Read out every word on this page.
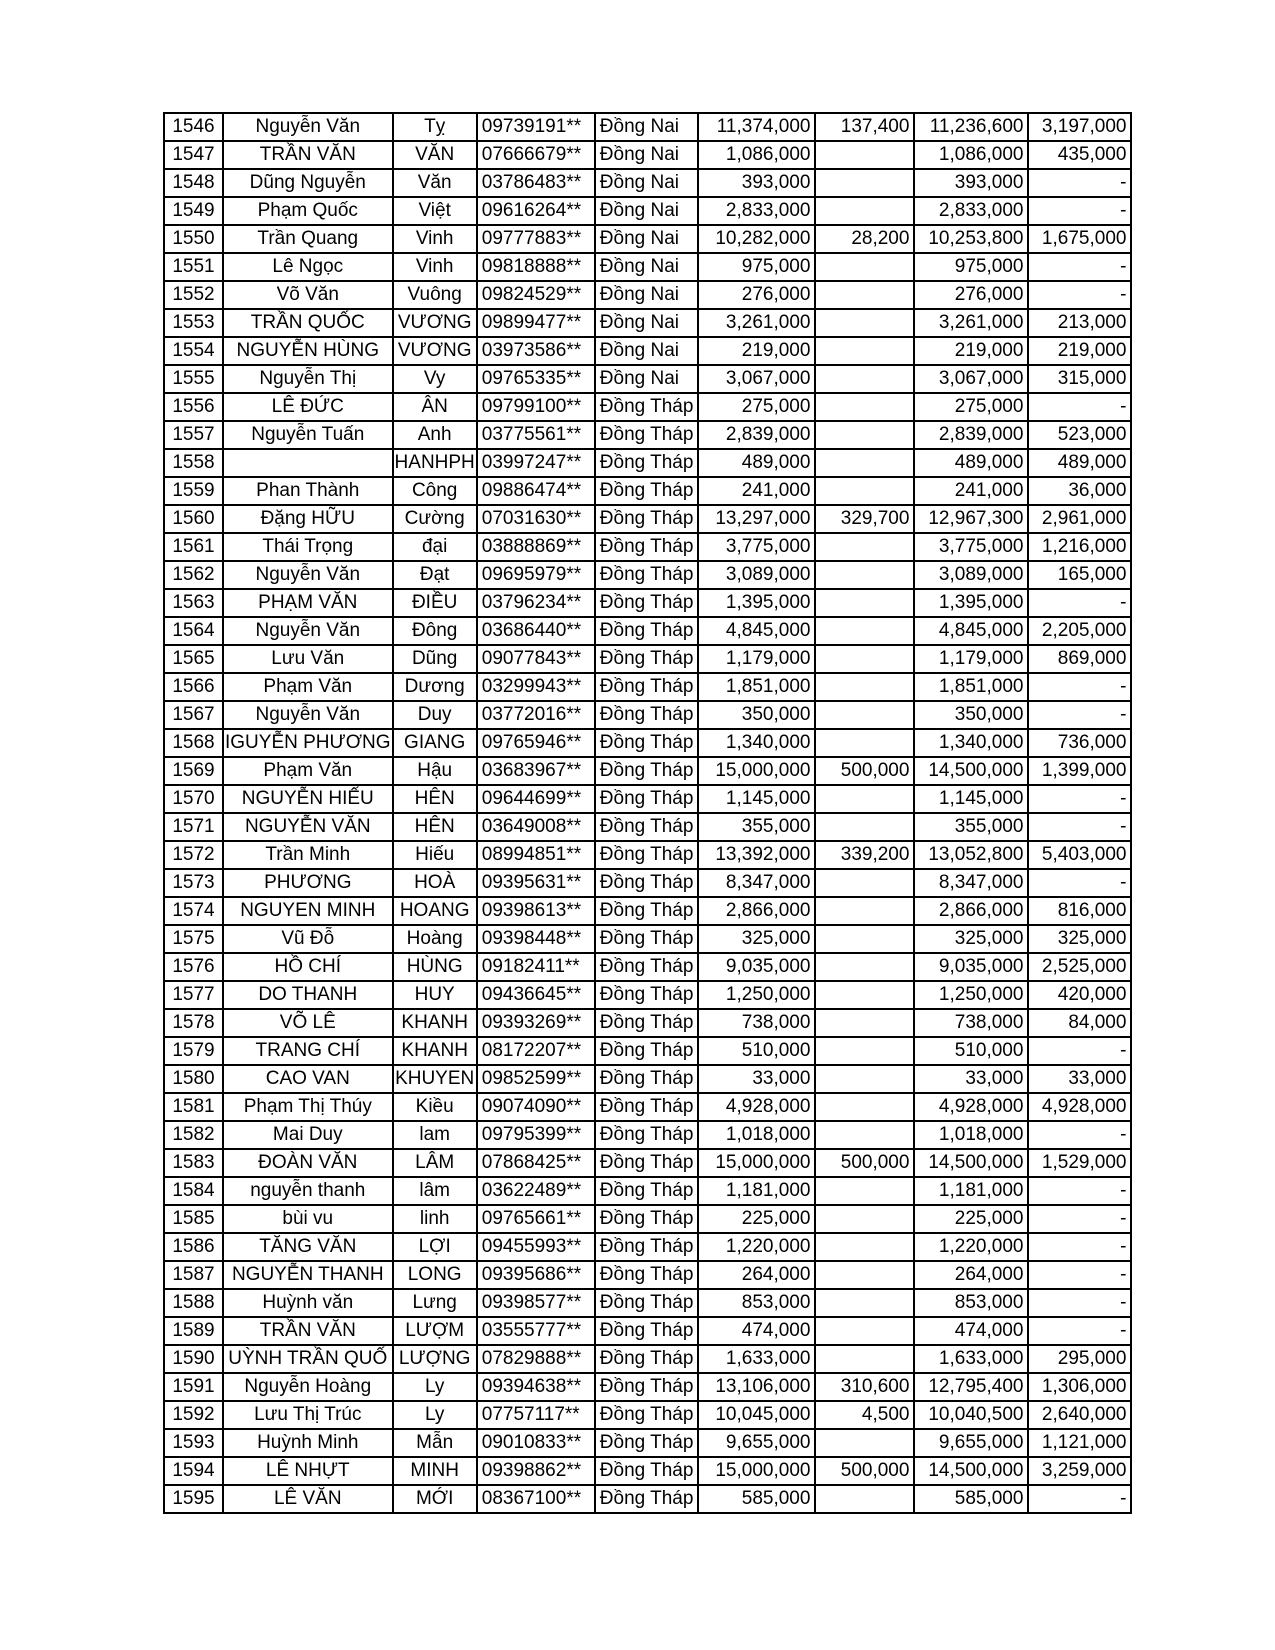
1546	Nguyễn Văn	Tỵ	09739191**	Đồng Nai	11,374,000	137,400	11,236,600	3,197,000
1547	TRẦN VĂN	VĂN	07666679**	Đồng Nai	1,086,000		1,086,000	435,000
1548	Dũng Nguyễn	Văn	03786483**	Đồng Nai	393,000		393,000	-
1549	Phạm Quốc	Việt	09616264**	Đồng Nai	2,833,000		2,833,000	-
1550	Trần Quang	Vinh	09777883**	Đồng Nai	10,282,000	28,200	10,253,800	1,675,000
1551	Lê Ngọc	Vinh	09818888**	Đồng Nai	975,000		975,000	-
1552	Võ Văn	Vuông	09824529**	Đồng Nai	276,000		276,000	-
1553	TRẦN QUỐC	VƯƠNG	09899477**	Đồng Nai	3,261,000		3,261,000	213,000
1554	NGUYỄN HÙNG	VƯƠNG	03973586**	Đồng Nai	219,000		219,000	219,000
1555	Nguyễn Thị	Vy	09765335**	Đồng Nai	3,067,000		3,067,000	315,000
1556	LÊ ĐỨC	ÂN	09799100**	Đồng Tháp	275,000		275,000	-
1557	Nguyễn Tuấn	Anh	03775561**	Đồng Tháp	2,839,000		2,839,000	523,000
1558		HANHPH	03997247**	Đồng Tháp	489,000		489,000	489,000
1559	Phan Thành	Công	09886474**	Đồng Tháp	241,000		241,000	36,000
1560	Đặng HỮU	Cường	07031630**	Đồng Tháp	13,297,000	329,700	12,967,300	2,961,000
1561	Thái Trọng	đại	03888869**	Đồng Tháp	3,775,000		3,775,000	1,216,000
1562	Nguyễn Văn	Đạt	09695979**	Đồng Tháp	3,089,000		3,089,000	165,000
1563	PHẠM VĂN	ĐIỀU	03796234**	Đồng Tháp	1,395,000		1,395,000	-
1564	Nguyễn Văn	Đông	03686440**	Đồng Tháp	4,845,000		4,845,000	2,205,000
1565	Lưu Văn	Dũng	09077843**	Đồng Tháp	1,179,000		1,179,000	869,000
1566	Phạm Văn	Dương	03299943**	Đồng Tháp	1,851,000		1,851,000	-
1567	Nguyễn Văn	Duy	03772016**	Đồng Tháp	350,000		350,000	-
1568	IGUYỄN PHƯƠNG	GIANG	09765946**	Đồng Tháp	1,340,000		1,340,000	736,000
1569	Phạm Văn	Hậu	03683967**	Đồng Tháp	15,000,000	500,000	14,500,000	1,399,000
1570	NGUYỄN HIẾU	HÊN	09644699**	Đồng Tháp	1,145,000		1,145,000	-
1571	NGUYỄN VĂN	HÊN	03649008**	Đồng Tháp	355,000		355,000	-
1572	Trần Minh	Hiếu	08994851**	Đồng Tháp	13,392,000	339,200	13,052,800	5,403,000
1573	PHƯƠNG	HOÀ	09395631**	Đồng Tháp	8,347,000		8,347,000	-
1574	NGUYEN MINH	HOANG	09398613**	Đồng Tháp	2,866,000		2,866,000	816,000
1575	Vũ Đỗ	Hoàng	09398448**	Đồng Tháp	325,000		325,000	325,000
1576	HỒ CHÍ	HÙNG	09182411**	Đồng Tháp	9,035,000		9,035,000	2,525,000
1577	DO THANH	HUY	09436645**	Đồng Tháp	1,250,000		1,250,000	420,000
1578	VÕ LÊ	KHANH	09393269**	Đồng Tháp	738,000		738,000	84,000
1579	TRANG CHÍ	KHANH	08172207**	Đồng Tháp	510,000		510,000	-
1580	CAO VAN	KHUYEN	09852599**	Đồng Tháp	33,000		33,000	33,000
1581	Phạm Thị Thúy	Kiều	09074090**	Đồng Tháp	4,928,000		4,928,000	4,928,000
1582	Mai Duy	lam	09795399**	Đồng Tháp	1,018,000		1,018,000	-
1583	ĐOÀN VĂN	LÂM	07868425**	Đồng Tháp	15,000,000	500,000	14,500,000	1,529,000
1584	nguyễn thanh	lâm	03622489**	Đồng Tháp	1,181,000		1,181,000	-
1585	bùi vu	linh	09765661**	Đồng Tháp	225,000		225,000	-
1586	TĂNG VĂN	LỢI	09455993**	Đồng Tháp	1,220,000		1,220,000	-
1587	NGUYỄN THANH	LONG	09395686**	Đồng Tháp	264,000		264,000	-
1588	Huỳnh văn	Lưng	09398577**	Đồng Tháp	853,000		853,000	-
1589	TRẦN VĂN	LƯỢM	03555777**	Đồng Tháp	474,000		474,000	-
1590	UỲNH TRẦN QUỐ	LƯỢNG	07829888**	Đồng Tháp	1,633,000		1,633,000	295,000
1591	Nguyễn Hoàng	Ly	09394638**	Đồng Tháp	13,106,000	310,600	12,795,400	1,306,000
1592	Lưu Thị Trúc	Ly	07757117**	Đồng Tháp	10,045,000	4,500	10,040,500	2,640,000
1593	Huỳnh Minh	Mẫn	09010833**	Đồng Tháp	9,655,000		9,655,000	1,121,000
1594	LÊ NHỰT	MINH	09398862**	Đồng Tháp	15,000,000	500,000	14,500,000	3,259,000
1595	LÊ VĂN	MỚI	08367100**	Đồng Tháp	585,000		585,000	-
